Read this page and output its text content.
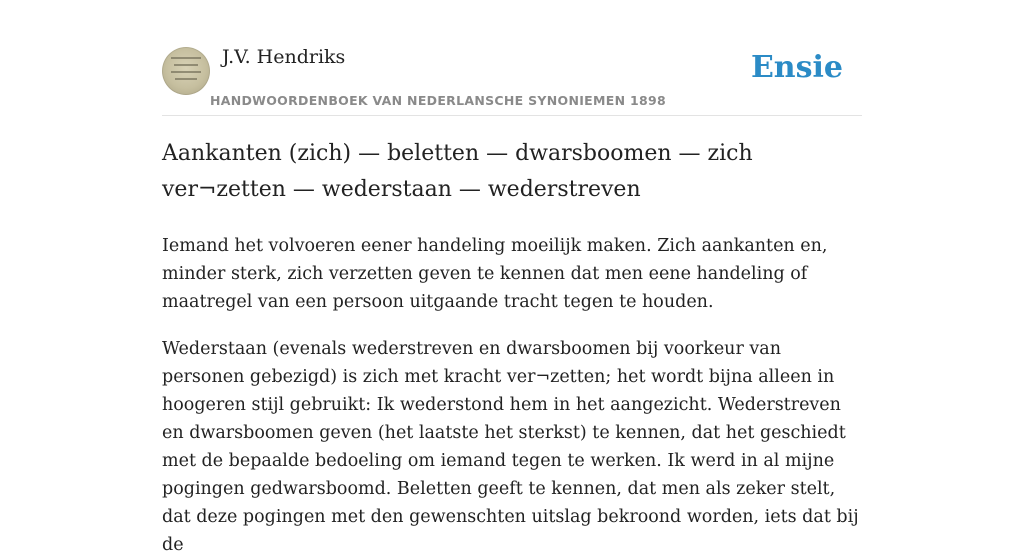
J.V. Hendriks
HANDWOORDENBOEK VAN NEDERLANSCHE SYNONIEMEN 1898
Ensie
Aankanten (zich) — beletten — dwarsboomen — zich ver¬zetten — wederstaan — wederstreven

Iemand het volvoeren eener handeling moeilijk maken. Zich aankanten en, minder sterk, zich verzetten geven te kennen dat men eene handeling of maatregel van een persoon uitgaande tracht tegen te houden.

Wederstaan (evenals wederstreven en dwarsboomen bij voorkeur van personen gebezigd) is zich met kracht ver¬zetten; het wordt bijna alleen in hoogeren stijl gebruikt: Ik wederstond hem in het aangezicht. Wederstreven en dwarsboomen geven (het laatste het sterkst) te kennen, dat het geschiedt met de bepaalde bedoeling om iemand tegen te werken. Ik werd in al mijne pogingen gedwarsboomd. Beletten geeft te kennen, dat men als zeker stelt, dat deze pogingen met den gewenschten uitslag bekroond worden, iets dat bij de
